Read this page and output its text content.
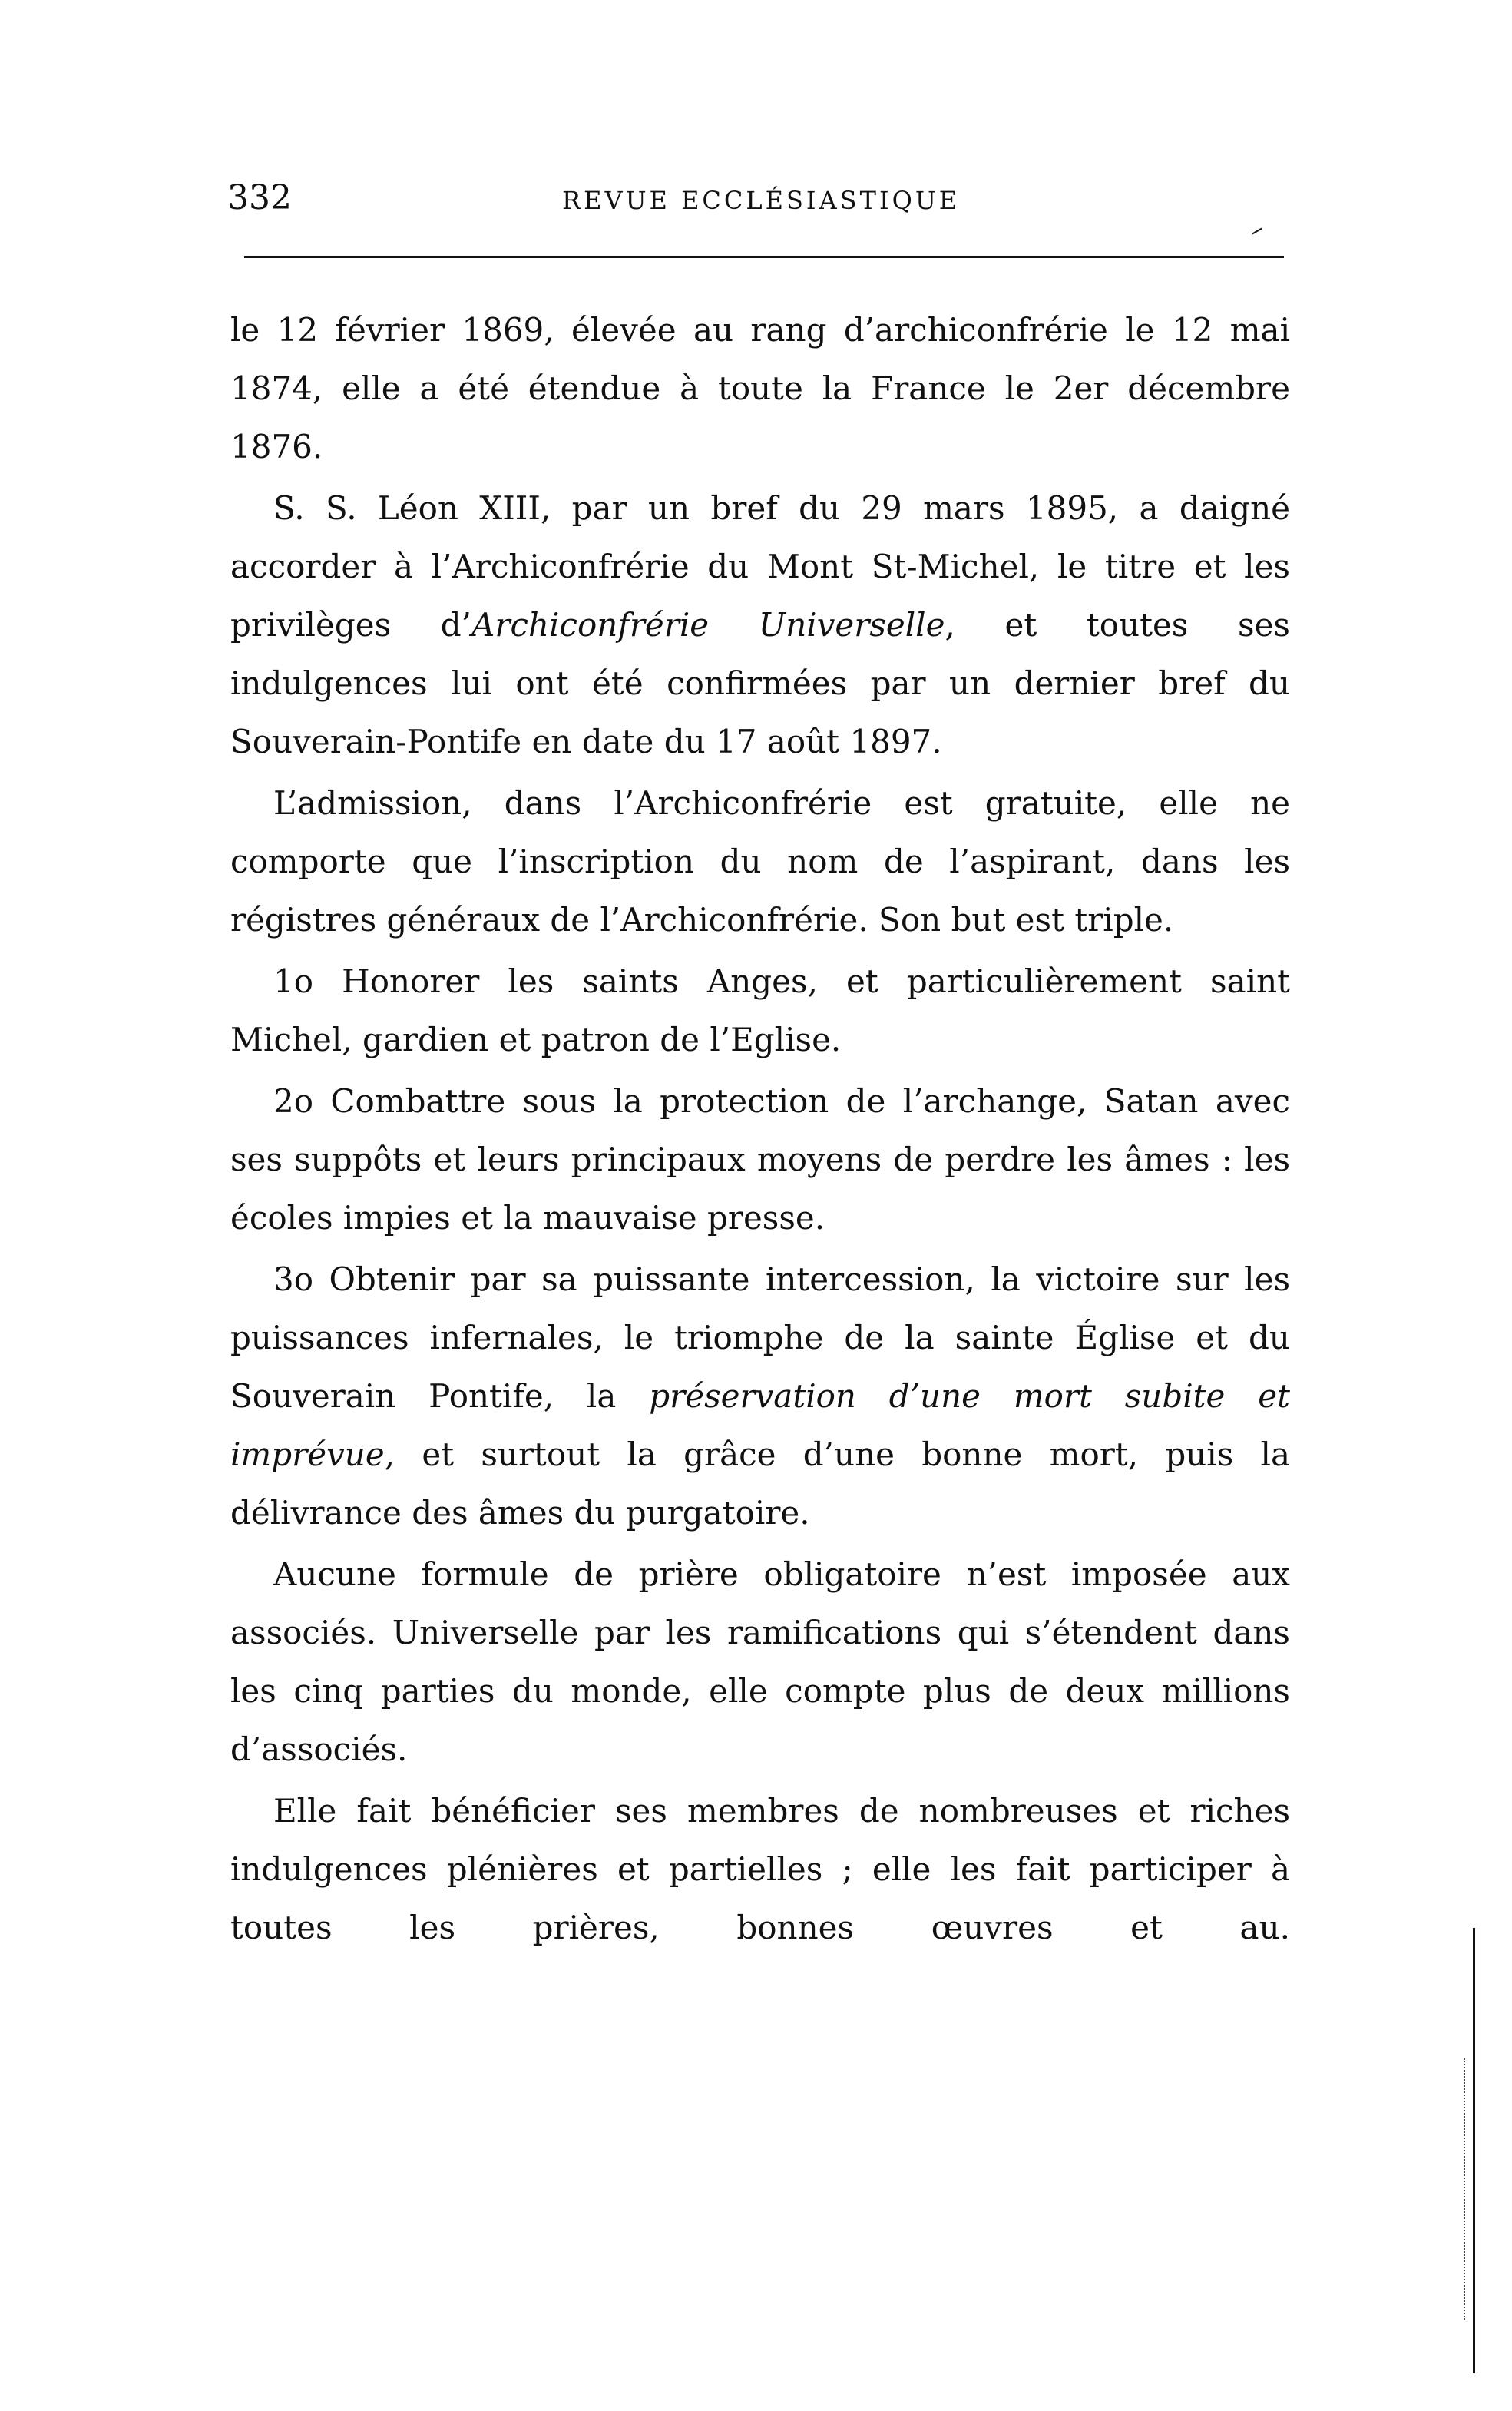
332	REVUE ECCLÉSIASTIQUE

le 12 février 1869, élevée au rang d’archiconfrérie le 12 mai 1874, elle a été étendue à toute la France le 2er décembre 1876.

S. S. Léon XIII, par un bref du 29 mars 1895, a daigné accorder à l’Archiconfrérie du Mont St-Michel, le titre et les privilèges d’Archiconfrérie Universelle, et toutes ses indulgences lui ont été confirmées par un dernier bref du Souverain-Pontife en date du 17 août 1897.

L’admission, dans l’Archiconfrérie est gratuite, elle ne comporte que l’inscription du nom de l’aspirant, dans les régistres généraux de l’Archiconfrérie. Son but est triple.

1o Honorer les saints Anges, et particulièrement saint Michel, gardien et patron de l’Eglise.

2o Combattre sous la protection de l’archange, Satan avec ses suppôts et leurs principaux moyens de perdre les âmes : les écoles impies et la mauvaise presse.

3o Obtenir par sa puissante intercession, la victoire sur les puissances infernales, le triomphe de la sainte Église et du Souverain Pontife, la préservation d’une mort subite et imprévue, et surtout la grâce d’une bonne mort, puis la délivrance des âmes du purgatoire.

Aucune formule de prière obligatoire n’est imposée aux associés. Universelle par les ramifications qui s’étendent dans les cinq parties du monde, elle compte plus de deux millions d’associés.

Elle fait bénéficier ses membres de nombreuses et riches indulgences plénières et partielles ; elle les fait participer à toutes les prières, bonnes œuvres et au.
